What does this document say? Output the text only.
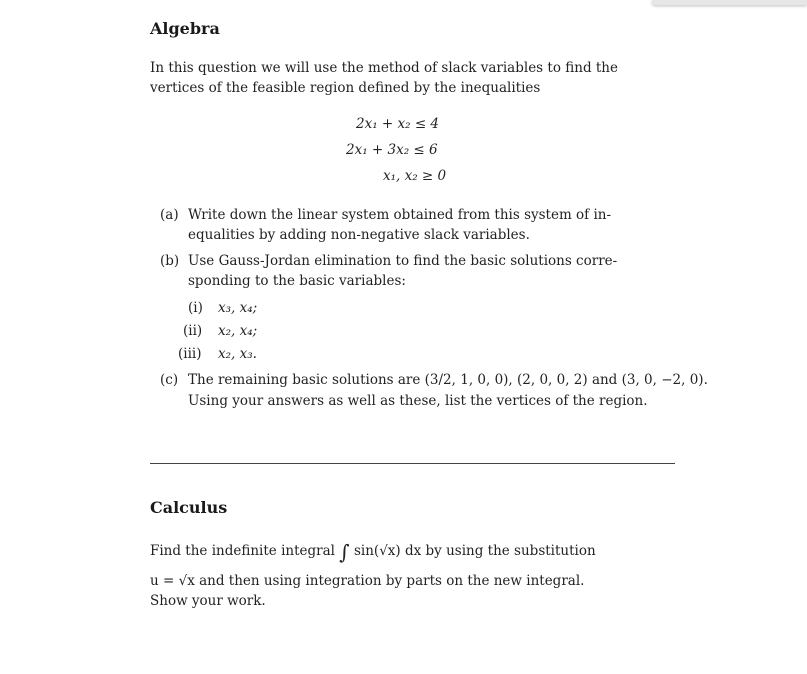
Algebra
In this question we will use the method of slack variables to find the
vertices of the feasible region defined by the inequalities
2x₁ + x₂ ≤ 4
2x₁ + 3x₂ ≤ 6
x₁, x₂ ≥ 0
(a) Write down the linear system obtained from this system of in-
equalities by adding non-negative slack variables.
(b) Use Gauss-Jordan elimination to find the basic solutions corre-
sponding to the basic variables:
(i) x₃, x₄;
(ii) x₂, x₄;
(iii) x₂, x₃.
(c) The remaining basic solutions are (3/2, 1, 0, 0), (2, 0, 0, 2) and (3, 0, −2, 0).
Using your answers as well as these, list the vertices of the region.
Calculus
Find the indefinite integral ∫ sin(√x) dx by using the substitution
u = √x and then using integration by parts on the new integral.
Show your work.
